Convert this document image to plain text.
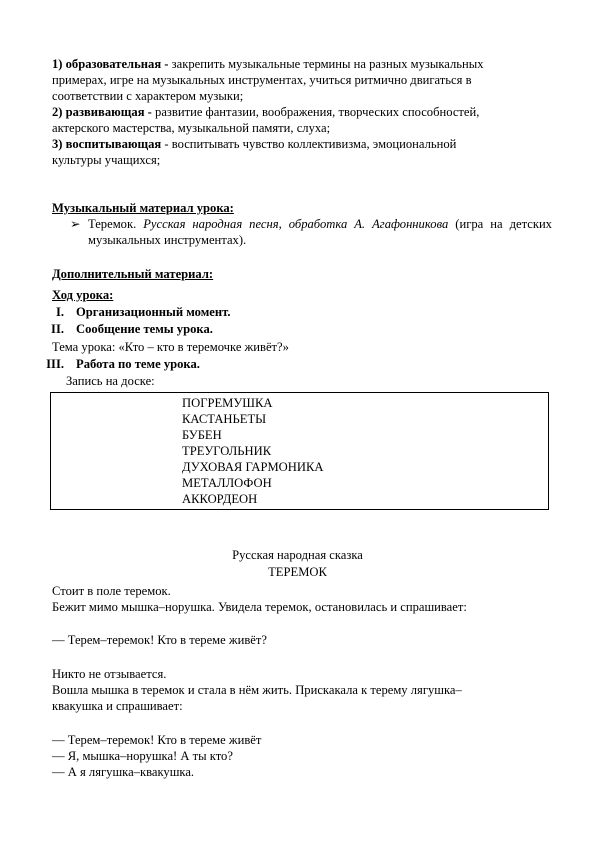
1) образовательная - закрепить музыкальные термины на разных музыкальных
примерах, игре на музыкальных инструментах, учиться ритмично двигаться в
соответствии с характером музыки;
2) развивающая - развитие фантазии, воображения, творческих способностей,
актерского мастерства, музыкальной памяти, слуха;
3) воспитывающая - воспитывать чувство коллективизма, эмоциональной
культуры учащихся;
Музыкальный материал урока:
➢ Теремок. Русская народная песня, обработка А. Агафонникова (игра на детских музыкальных инструментах).
Дополнительный материал:
Ход урока:
I. Организационный момент.
II. Сообщение темы урока.
Тема урока: «Кто – кто в теремочке живёт?»
III. Работа по теме урока.
Запись на доске:
ПОГРЕМУШКА
КАСТАНЬЕТЫ
БУБЕН
ТРЕУГОЛЬНИК
ДУХОВАЯ ГАРМОНИКА
МЕТАЛЛОФОН
АККОРДЕОН
Русская народная сказка
ТЕРЕМОК
Стоит в поле теремок.
Бежит мимо мышка–норушка. Увидела теремок, остановилась и спрашивает:
— Терем–теремок! Кто в тереме живёт?
Никто не отзывается.
Вошла мышка в теремок и стала в нём жить. Прискакала к терему лягушка–
квакушка и спрашивает:
— Терем–теремок! Кто в тереме живёт
— Я, мышка–норушка! А ты кто?
— А я лягушка–квакушка.
